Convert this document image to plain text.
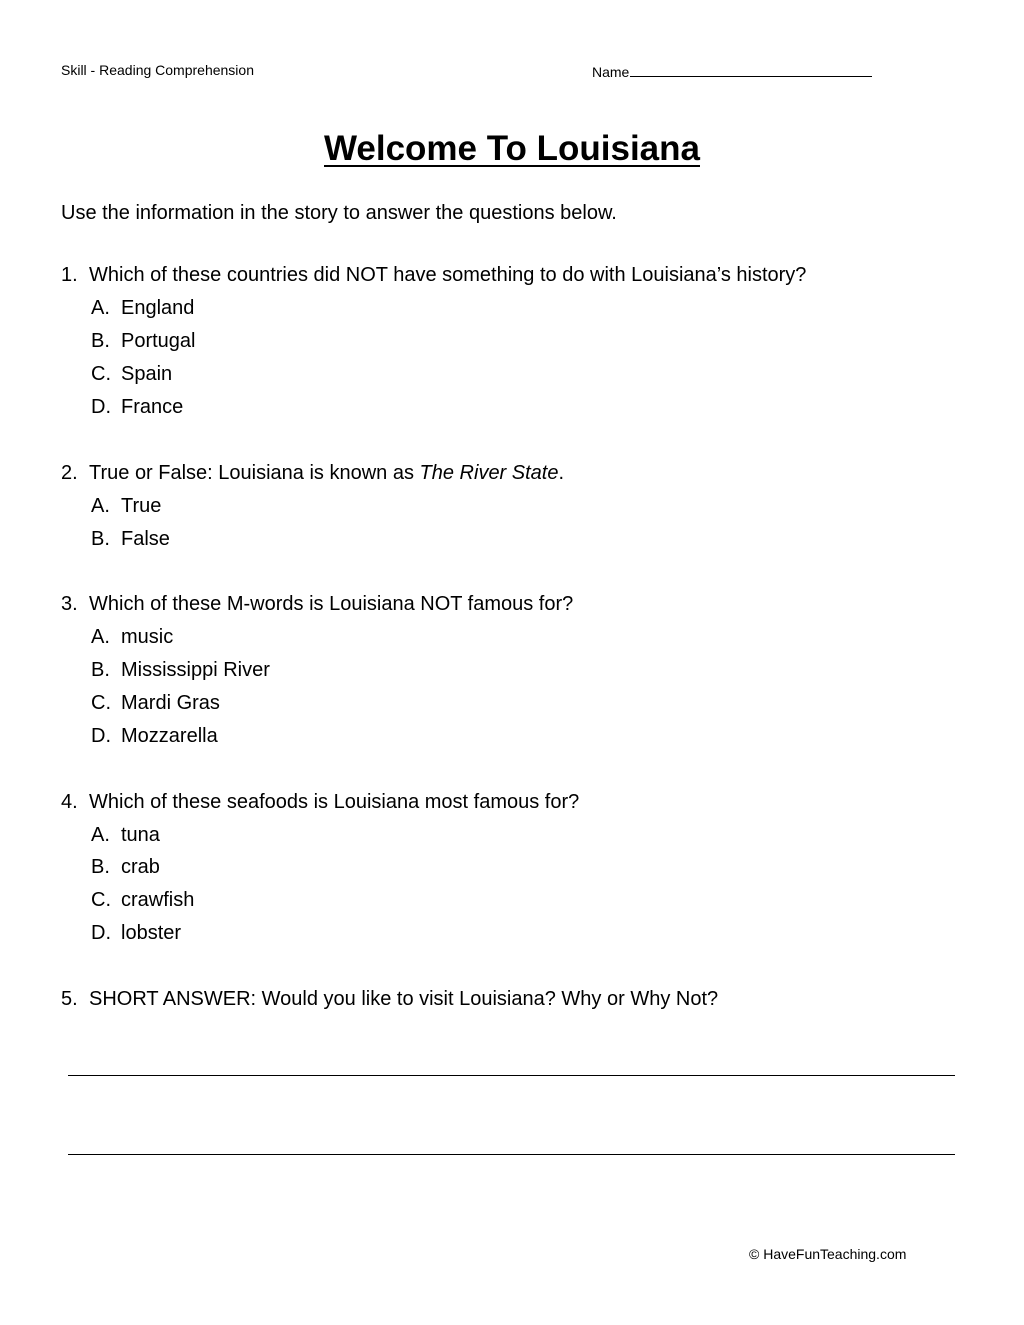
Skill - Reading Comprehension	Name
Welcome To Louisiana
Use the information in the story to answer the questions below.
1. Which of these countries did NOT have something to do with Louisiana’s history?
A. England
B. Portugal
C. Spain
D. France
2. True or False: Louisiana is known as The River State.
A. True
B. False
3. Which of these M-words is Louisiana NOT famous for?
A. music
B. Mississippi River
C. Mardi Gras
D. Mozzarella
4. Which of these seafoods is Louisiana most famous for?
A. tuna
B. crab
C. crawfish
D. lobster
5. SHORT ANSWER: Would you like to visit Louisiana? Why or Why Not?
© HaveFunTeaching.com
